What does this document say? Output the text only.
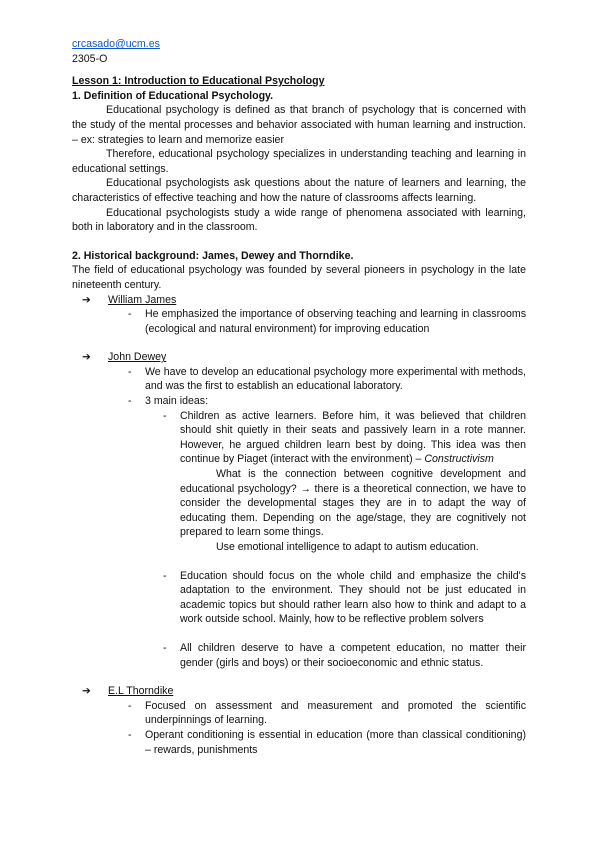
crcasado@ucm.es

2305-O

Lesson 1: Introduction to Educational Psychology

1. Definition of Educational Psychology.

Educational psychology is defined as that branch of psychology that is concerned with the study of the mental processes and behavior associated with human learning and instruction. – ex: strategies to learn and memorize easier

Therefore, educational psychology specializes in understanding teaching and learning in educational settings.

Educational psychologists ask questions about the nature of learners and learning, the characteristics of effective teaching and how the nature of classrooms affects learning.

Educational psychologists study a wide range of phenomena associated with learning, both in laboratory and in the classroom.

2. Historical background: James, Dewey and Thorndike.

The field of educational psychology was founded by several pioneers in psychology in the late nineteenth century.

➔	William James
-	He emphasized the importance of observing teaching and learning in classrooms (ecological and natural environment) for improving education
➔	John Dewey
-	We have to develop an educational psychology more experimental with methods, and was the first to establish an educational laboratory.
-	3 main ideas:
-	Children as active learners. Before him, it was believed that children should shit quietly in their seats and passively learn in a rote manner. However, he argued children learn best by doing. This idea was then continue by Piaget (interact with the environment) – Constructivism
What is the connection between cognitive development and educational psychology? → there is a theoretical connection, we have to consider the developmental stages they are in to adapt the way of educating them. Depending on the age/stage, they are cognitively not prepared to learn some things.
Use emotional intelligence to adapt to autism education.
-	Education should focus on the whole child and emphasize the child's adaptation to the environment. They should not be just educated in academic topics but should rather learn also how to think and adapt to a work outside school. Mainly, how to be reflective problem solvers
-	All children deserve to have a competent education, no matter their gender (girls and boys) or their socioeconomic and ethnic status.
➔	E.L Thorndike
-	Focused on assessment and measurement and promoted the scientific underpinnings of learning.
-	Operant conditioning is essential in education (more than classical conditioning) – rewards, punishments
